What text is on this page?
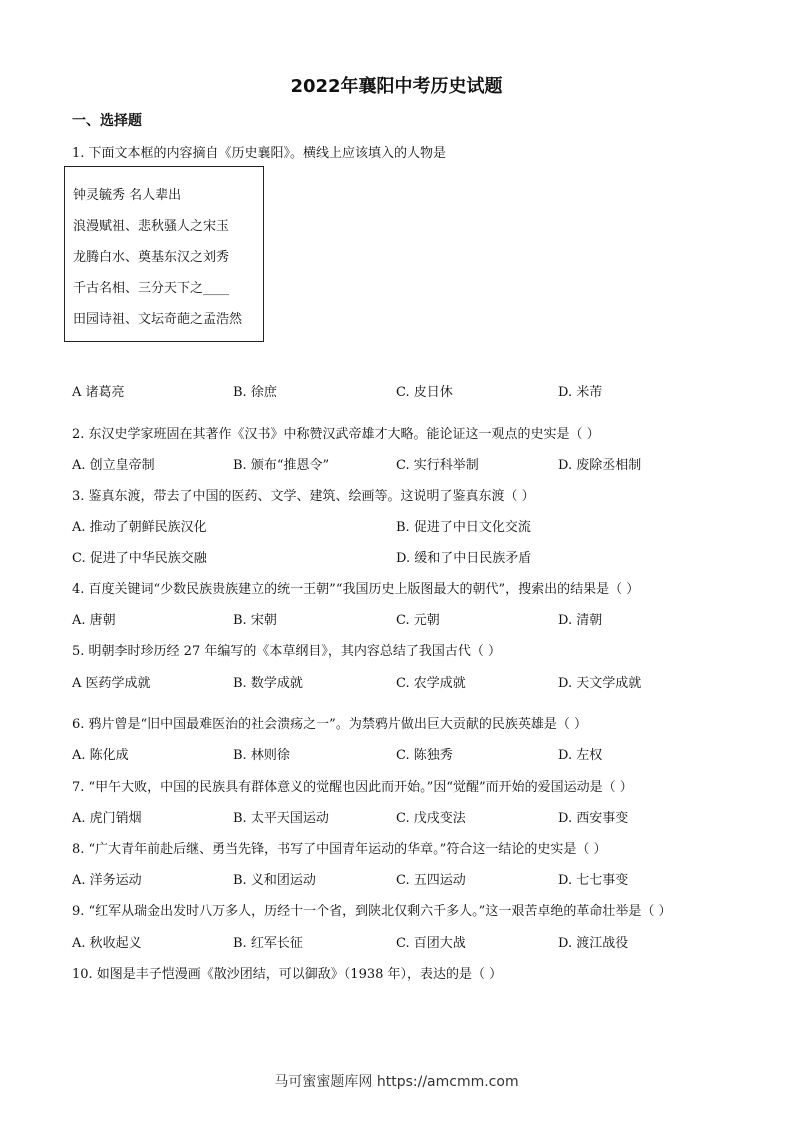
2022年襄阳中考历史试题
一、选择题
1. 下面文本框的内容摘自《历史襄阳》。横线上应该填入的人物是
钟灵毓秀 名人辈出
浪漫赋祖、悲秋骚人之宋玉
龙腾白水、奠基东汉之刘秀
千古名相、三分天下之____
田园诗祖、文坛奇葩之孟浩然
A 诸葛亮	B. 徐庶	C. 皮日休	D. 米芾
2. 东汉史学家班固在其著作《汉书》中称赞汉武帝雄才大略。能论证这一观点的史实是（ ）
A. 创立皇帝制	B. 颁布“推恩令”	C. 实行科举制	D. 废除丞相制
3. 鉴真东渡，带去了中国的医药、文学、建筑、绘画等。这说明了鉴真东渡（ ）
A. 推动了朝鲜民族汉化	B. 促进了中日文化交流
C. 促进了中华民族交融	D. 缓和了中日民族矛盾
4. 百度关键词“少数民族贵族建立的统一王朝”“我国历史上版图最大的朝代”，搜索出的结果是（ ）
A. 唐朝	B. 宋朝	C. 元朝	D. 清朝
5. 明朝李时珍历经 27 年编写的《本草纲目》，其内容总结了我国古代（ ）
A 医药学成就	B. 数学成就	C. 农学成就	D. 天文学成就
6. 鸦片曾是“旧中国最难医治的社会溃疡之一”。为禁鸦片做出巨大贡献的民族英雄是（ ）
A. 陈化成	B. 林则徐	C. 陈独秀	D. 左权
7. “甲午大败，中国的民族具有群体意义的觉醒也因此而开始。”因“觉醒”而开始的爱国运动是（ ）
A. 虎门销烟	B. 太平天国运动	C. 戊戌变法	D. 西安事变
8. “广大青年前赴后继、勇当先锋，书写了中国青年运动的华章。”符合这一结论的史实是（ ）
A. 洋务运动	B. 义和团运动	C. 五四运动	D. 七七事变
9. “红军从瑞金出发时八万多人，历经十一个省，到陕北仅剩六千多人。”这一艰苦卓绝的革命壮举是（ ）
A. 秋收起义	B. 红军长征	C. 百团大战	D. 渡江战役
10. 如图是丰子恺漫画《散沙团结，可以御敌》（1938 年），表达的是（ ）
马可蜜蜜题库网 https://amcmm.com
